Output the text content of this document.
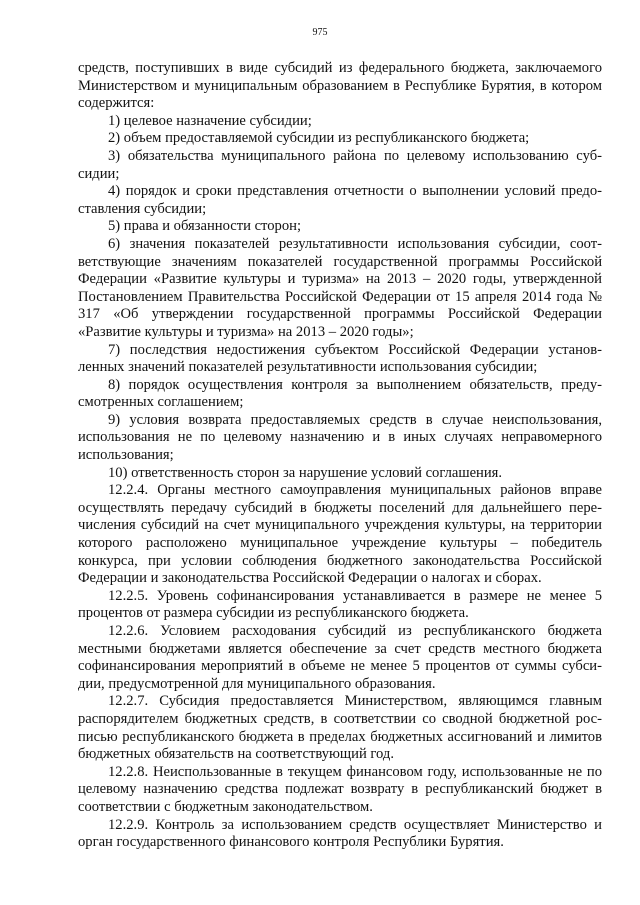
975

средств, поступивших в виде субсидий из федерального бюджета, заключаемого Министерством и муниципальным образованием в Республике Бурятия, в котором содержится:

1) целевое назначение субсидии;

2) объем предоставляемой субсидии из республиканского бюджета;

3) обязательства муниципального района по целевому использованию субсидии;

4) порядок и сроки представления отчетности о выполнении условий предоставления субсидии;

5) права и обязанности сторон;

6) значения показателей результативности использования субсидии, соответствующие значениям показателей государственной программы Российской Федерации «Развитие культуры и туризма» на 2013 – 2020 годы, утвержденной Постановлением Правительства Российской Федерации от 15 апреля 2014 года № 317 «Об утверждении государственной программы Российской Федерации «Развитие культуры и туризма» на 2013 – 2020 годы»;

7) последствия недостижения субъектом Российской Федерации установленных значений показателей результативности использования субсидии;

8) порядок осуществления контроля за выполнением обязательств, предусмотренных соглашением;

9) условия возврата предоставляемых средств в случае неиспользования, использования не по целевому назначению и в иных случаях неправомерного использования;

10) ответственность сторон за нарушение условий соглашения.

12.2.4. Органы местного самоуправления муниципальных районов вправе осуществлять передачу субсидий в бюджеты поселений для дальнейшего перечисления субсидий на счет муниципального учреждения культуры, на территории которого расположено муниципальное учреждение культуры – победитель конкурса, при условии соблюдения бюджетного законодательства Российской Федерации и законодательства Российской Федерации о налогах и сборах.

12.2.5. Уровень софинансирования устанавливается в размере не менее 5 процентов от размера субсидии из республиканского бюджета.

12.2.6. Условием расходования субсидий из республиканского бюджета местными бюджетами является обеспечение за счет средств местного бюджета софинансирования мероприятий в объеме не менее 5 процентов от суммы субсидии, предусмотренной для муниципального образования.

12.2.7. Субсидия предоставляется Министерством, являющимся главным распорядителем бюджетных средств, в соответствии со сводной бюджетной росписью республиканского бюджета в пределах бюджетных ассигнований и лимитов бюджетных обязательств на соответствующий год.

12.2.8. Неиспользованные в текущем финансовом году, использованные не по целевому назначению средства подлежат возврату в республиканский бюджет в соответствии с бюджетным законодательством.

12.2.9. Контроль за использованием средств осуществляет Министерство и орган государственного финансового контроля Республики Бурятия.
